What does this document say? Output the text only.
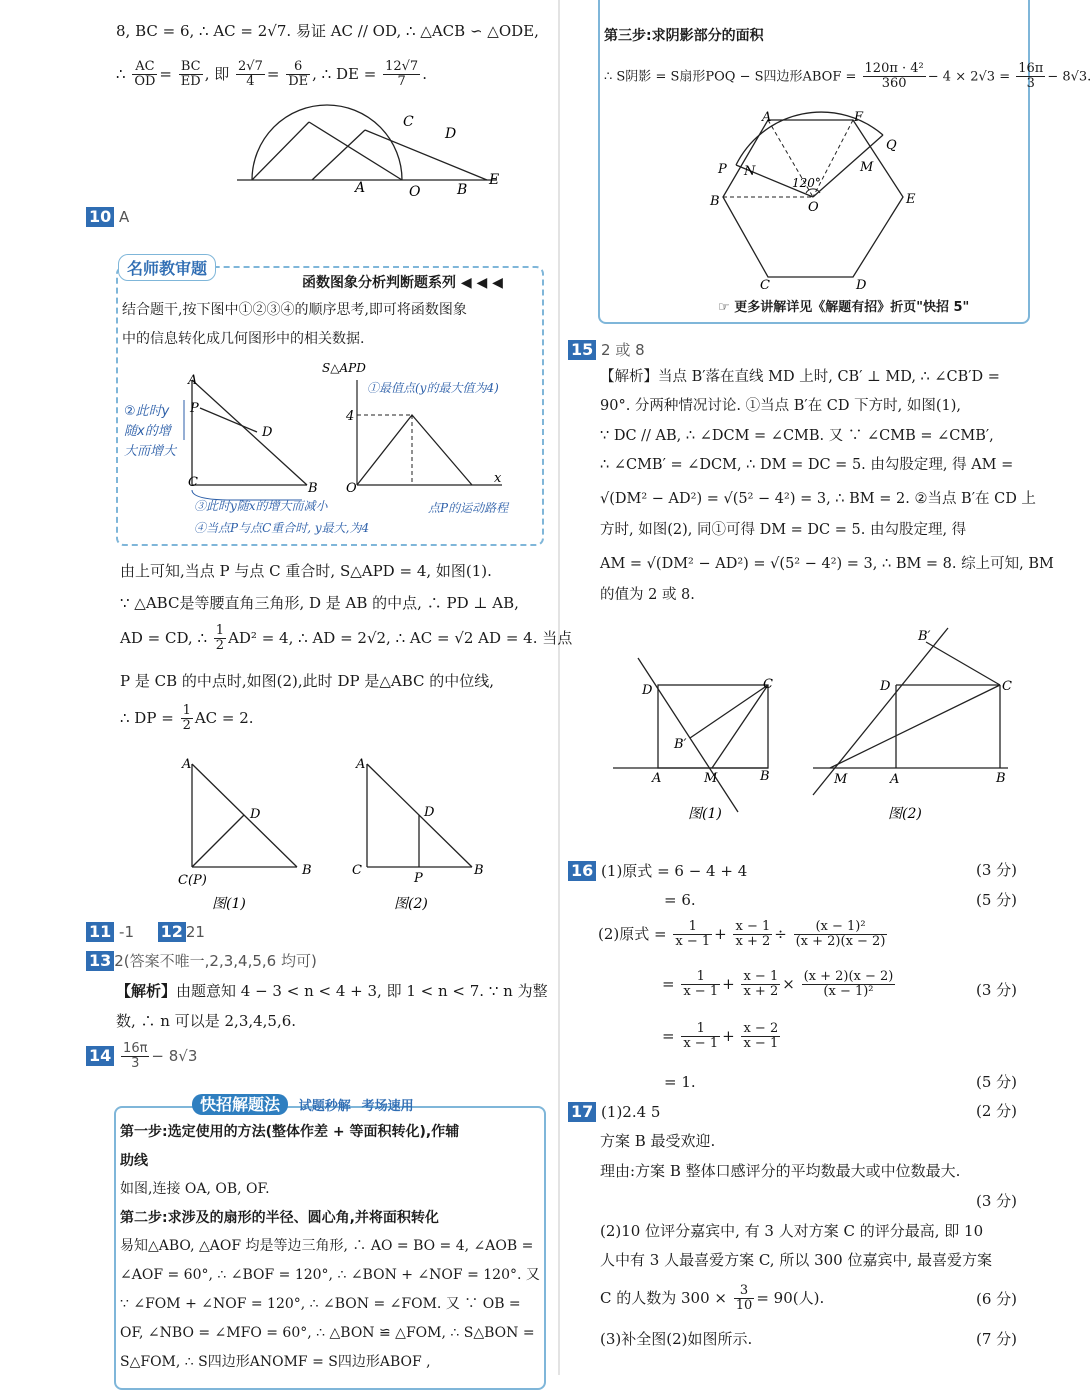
8, BC = 6, ∴ AC = 2√7. 易证 AC // OD, ∴ △ACB ∽ △ODE,
∴ $\frac{AC}{OD} = \frac{BC}{ED}$ , 即 $\frac{2√7}{4} = \frac{6}{DE}$ , ∴ DE = $\frac{12√7}{7}$ .
C
D
A	O	B
E
10 A
名师教审题
函数图象分析判断题系列 ◀ ◀ ◀
结合题干,按下图中①②③④的顺序思考,即可将函数图象
中的信息转化成几何图形中的相关数据.
A
P
D
C	B
②此时y
随x的增
大而增大
③此时y随x的增大而减小
④当点P与点C重合时, y最大,为4
S△APD
4
O
x
①最值点(y的最大值为4)
点P的运动路程
由上可知,当点 P 与点 C 重合时, S△APD = 4, 如图(1).
∵ △ABC是等腰直角三角形, D 是 AB 的中点, ∴ PD ⊥ AB,
AD = CD, ∴ $\frac{1}{2} AD^2 = 4$, ∴ AD = 2√2, ∴ AC = √2 AD = 4. 当点
P 是 CB 的中点时,如图(2),此时 DP 是△ABC 的中位线,
∴ DP = $\frac{1}{2}$ AC = 2.
A
D
C(P)
B
图(1)
A
D
C
P
B
图(2)
11 -1 12 21
13 2(答案不唯一,2,3,4,5,6 均可)
【解析】由题意知 4 − 3 < n < 4 + 3, 即 1 < n < 7. ∵ n 为整
数, ∴ n 可以是 2,3,4,5,6.
$14 \frac{16\pi}{3} - 8√3$
快招解题法 试题秒解 考场速用
第一步:选定使用的方法(整体作差 + 等面积转化),作辅
助线
如图,连接 OA, OB, OF.
第二步:求涉及的扇形的半径、圆心角,并将面积转化
易知△ABO, △AOF 均是等边三角形, ∴ AO = BO = 4, ∠AOB =
∠AOF = 60°, ∴ ∠BOF = 120°, ∴ ∠BON + ∠NOF = 120°. 又
∵ ∠FOM + ∠NOF = 120°, ∴ ∠BON = ∠FOM. 又 ∵ OB =
OF, ∠NBO = ∠MFO = 60°, ∴ △BON ≌ △FOM, ∴ S△BON =
S△FOM, ∴ S四边形ANOMF = S四边形ABOF ,
第三步:求阴影部分的面积
∴ S阴影 = S扇形POQ − S四边形ABOF = $\frac{\text{120π · 4²}}{360} - 4 \times 2√3 = \frac{16\pi}{3} - 8√3$.
A	F
Q
P N	M
B	O
E
C	D
120°
☞ 更多讲解详见《解题有招》折页"快招 5"
15 2 或 8
【解析】当点 B′落在直线 MD 上时, CB′ ⊥ MD, ∴ ∠CB′D =
90°. 分两种情况讨论. ①当点 B′在 CD 下方时, 如图(1),
∵ DC // AB, ∴ ∠DCM = ∠CMB. 又 ∵ ∠CMB = ∠CMB′,
∴ ∠CMB′ = ∠DCM, ∴ DM = DC = 5. 由勾股定理, 得 AM =
√(DM² − AD²) = √(5² − 4²) = 3, ∴ BM = 2. ②当点 B′在 CD 上
方时, 如图(2), 同①可得 DM = DC = 5. 由勾股定理, 得
AM = √(DM² − AD²) = √(5² − 4²) = 3, ∴ BM = 8. 综上可知, BM
的值为 2 或 8.
D	C
B′
A	M	B
图(1)
B′
D	C
M	A	B
图(2)
16 (1)原式 = 6 − 4 + 4	(3 分)
= 6.	(5 分)
(2)原式 = $\frac{1}{x - 1} + \frac{x - 1}{x + 2} \div \frac{\text{(x − 1)²}}{(x + 2)(x - 2)}$
= $\frac{1}{x - 1} + \frac{x - 1}{x + 2} \times \frac{(x + 2)(x - 2)}{\text{(x − 1)²}}$	(3 分)
= $\frac{1}{x - 1} + \frac{x - 2}{x - 1}$
= 1.	(5 分)
17 (1)2.4 5	(2 分)
方案 B 最受欢迎.
理由:方案 B 整体口感评分的平均数最大或中位数最大.
(3 分)
(2)10 位评分嘉宾中, 有 3 人对方案 C 的评分最高, 即 10
人中有 3 人最喜爱方案 C, 所以 300 位嘉宾中, 最喜爱方案
C 的人数为 $300 \times \frac{3}{10} = 90$(人).	(6 分)
(3)补全图(2)如图所示.	(7 分)
